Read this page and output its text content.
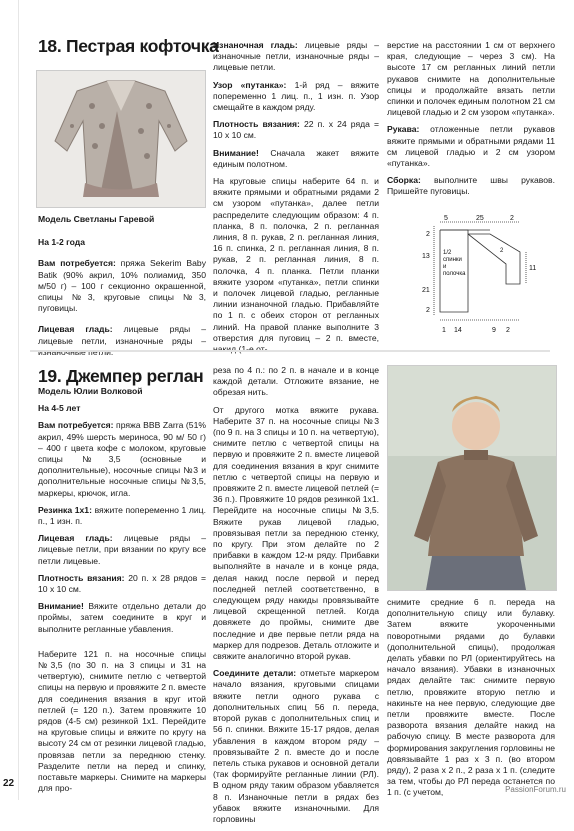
18. Пестрая кофточка

Модель Светланы Гаревой

На 1-2 года

Вам потребуется: пряжа Sekerim Baby Batik (90% акрил, 10% полиамид, 350 м/50 г) – 100 г секционно окрашенной, спицы №3, круговые спицы №3, пуговицы.

Лицевая гладь: лицевые ряды – лицевые петли, изнаночные ряды – изнаночные петли.

Изнаночная гладь: лицевые ряды – изнаночные петли, изнаночные ряды – лицевые петли.

Узор «путанка»: 1-й ряд – вяжите попеременно 1 лиц. п., 1 изн. п. Узор смещайте в каждом ряду.

Плотность вязания: 22 п. х 24 ряда = 10 х 10 см.

Внимание! Сначала жакет вяжите единым полотном.

На круговые спицы наберите 64 п. и вяжите прямыми и обратными рядами 2 см узором «путанка», далее петли распределите следующим образом: 4 п. планка, 8 п. полочка, 2 п. регланная линия, 8 п. рукав, 2 п. регланная линия, 16 п. спинка, 2 п. регланная линия, 8 п. рукав, 2 п. регланная линия, 8 п. полочка, 4 п. планка. Петли планки вяжите узором «путанка», петли спинки и полочек лицевой гладью, регланные линии изнаночной гладью. Прибавляйте по 1 п. с обеих сторон от регланных линий. На правой планке выполните 3 отверстия для пуговиц – 2 п. вместе, накид (1-е от-

верстие на расстоянии 1 см от верхнего края, следующие – через 3 см). На высоте 17 см регланных линий петли рукавов снимите на дополнительные спицы и продолжайте вязать петли спинки и полочек единым полотном 21 см лицевой гладью и 2 см узором «путанка».

Рукава: отложенные петли рукавов вяжите прямыми и обратными рядами 11 см лицевой гладью и 2 см узором «путанка».

Сборка: выполните швы рукавов. Пришейте пуговицы.

5	25	2
2
13
21
2
1 14	9 2
11
2
1/2
спинки
и
полочка
19. Джемпер реглан

Модель Юлии Волковой

На 4-5 лет

Вам потребуется: пряжа BBB Zarra (51% акрил, 49% шерсть мериноса, 90 м/ 50 г) – 400 г цвета кофе с молоком, круговые спицы №3,5 (основные и дополнительные), носочные спицы №3 и дополнительные носочные спицы №3,5, маркеры, крючок, игла.

Резинка 1х1: вяжите попеременно 1 лиц. п., 1 изн. п.

Лицевая гладь: лицевые ряды – лицевые петли, при вязании по кругу все петли лицевые.

Плотность вязания: 20 п. х 28 рядов = 10 х 10 см.

Внимание! Вяжите отдельно детали до проймы, затем соедините в круг и выполните регланные убавления.

Наберите 121 п. на носочные спицы №3,5 (по 30 п. на 3 спицы и 31 на четвертую), снимите петлю с четвертой спицы на первую и провяжите 2 п. вместе для соединения вязания в круг итой петлей (= 120 п.). Затем провяжите 10 рядов (4-5 см) резинкой 1х1. Перейдите на круговые спицы и вяжите по кругу на высоту 24 см от резинки лицевой гладью, провязав петли за переднюю стенку. Разделите петли на перед и спинку, поставьте маркеры. Снимите на маркеры для про-

реза по 4 п.: по 2 п. в начале и в конце каждой детали. Отложите вязание, не обрезая нить.

От другого мотка вяжите рукава. Наберите 37 п. на носочные спицы №3 (по 9 п. на 3 спицы и 10 п. на четвертую), снимите петлю с четвертой спицы на первую и провяжите 2 п. вместе лицевой для соединения вязания в круг снимите петлю с четвертой спицы на первую и провяжите 2 п. вместе лицевой петлей (= 36 п.). Провяжите 10 рядов резинкой 1х1. Перейдите на носочные спицы №3,5. Вяжите рукав лицевой гладью, провязывая петли за переднюю стенку, по кругу. При этом делайте по 2 прибавки в каждом 12-м ряду. Прибавки выполняйте в начале и в конце ряда, делая накид после первой и перед последней петлей соответственно, в следующем ряду накиды провязывайте лицевой скрещенной петлей. Когда довяжете до проймы, снимите две последние и две первые петли ряда на маркер для подрезов. Деталь отложите и свяжите аналогично второй рукав.

Соедините детали: отметьте маркером начало вязания, круговыми спицами вяжите петли одного рукава с дополнительных спиц 56 п. переда, второй рукав с дополнительных спиц и 56 п. спинки. Вяжите 15-17 рядов, делая убавления в каждом втором ряду – провязывайте 2 п. вместе до и после петель стыка рукавов и основной детали (так формируйте регланные линии (РЛ). В одном ряду таким образом убавляется 8 п. Изнаночные петли в рядах без убавок вяжите изнаночными. Для горловины

снимите средние 6 п. переда на дополнительную спицу или булавку. Затем вяжите укороченными поворотными рядами до булавки (дополнительной спицы), продолжая делать убавки по РЛ (ориентируйтесь на начало вязания). Убавки в изнаночных рядах делайте так: снимите первую петлю, провяжите вторую петлю и накиньте на нее первую, следующие две петли провяжите вместе. После разворота вязания делайте накид на рабочую спицу. В месте разворота для формирования закругления горловины не довязывайте 1 раз x 3 п. (во втором ряду), 2 раза x 2 п., 2 раза x 1 п. (следите за тем, чтобы до РЛ переда останется по 1 п. (с учетом,

22
PassionForum.ru
